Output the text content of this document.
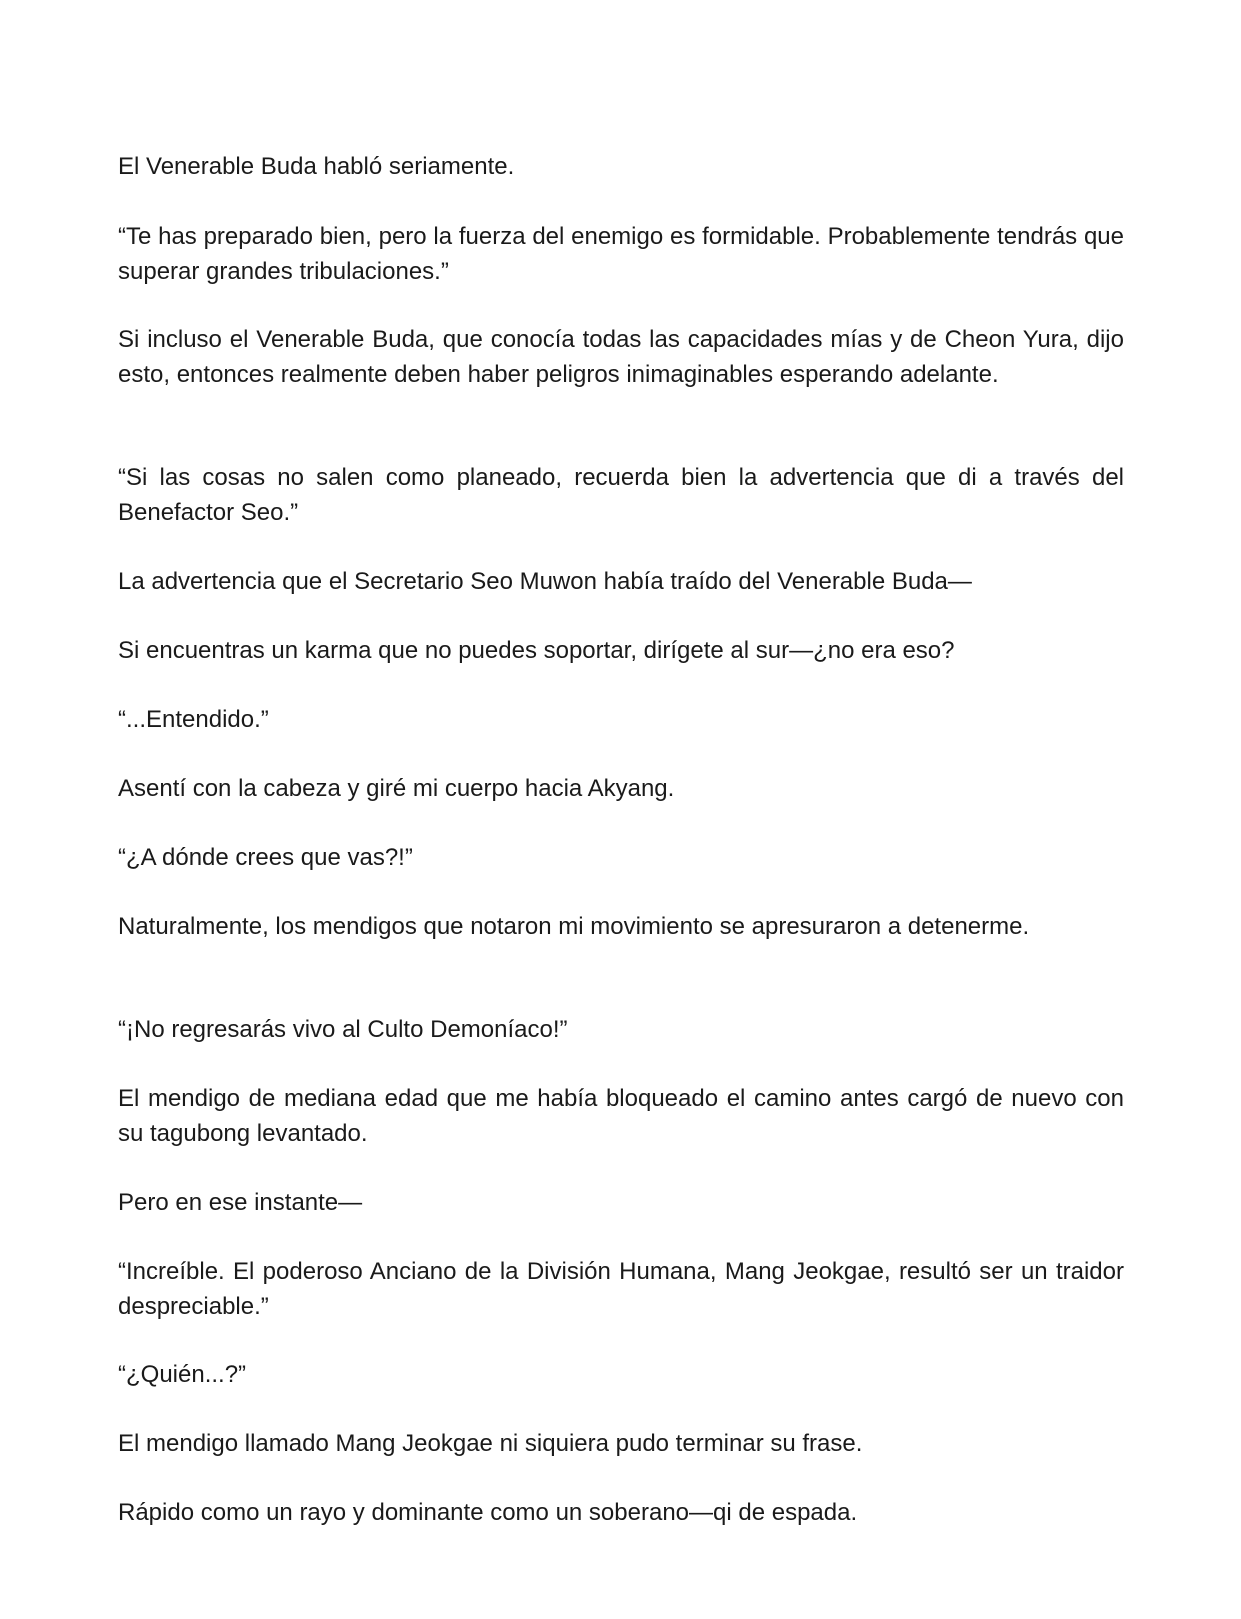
El Venerable Buda habló seriamente.

“Te has preparado bien, pero la fuerza del enemigo es formidable. Probablemente tendrás que superar grandes tribulaciones.”

Si incluso el Venerable Buda, que conocía todas las capacidades mías y de Cheon Yura, dijo esto, entonces realmente deben haber peligros inimaginables esperando adelante.

“Si las cosas no salen como planeado, recuerda bien la advertencia que di a través del Benefactor Seo.”

La advertencia que el Secretario Seo Muwon había traído del Venerable Buda—

Si encuentras un karma que no puedes soportar, dirígete al sur—¿no era eso?

“...Entendido.”

Asentí con la cabeza y giré mi cuerpo hacia Akyang.

“¿A dónde crees que vas?!”

Naturalmente, los mendigos que notaron mi movimiento se apresuraron a detenerme.

“¡No regresarás vivo al Culto Demoníaco!”

El mendigo de mediana edad que me había bloqueado el camino antes cargó de nuevo con su tagubong levantado.

Pero en ese instante—

“Increíble. El poderoso Anciano de la División Humana, Mang Jeokgae, resultó ser un traidor despreciable.”

“¿Quién...?”

El mendigo llamado Mang Jeokgae ni siquiera pudo terminar su frase.

Rápido como un rayo y dominante como un soberano—qi de espada.
